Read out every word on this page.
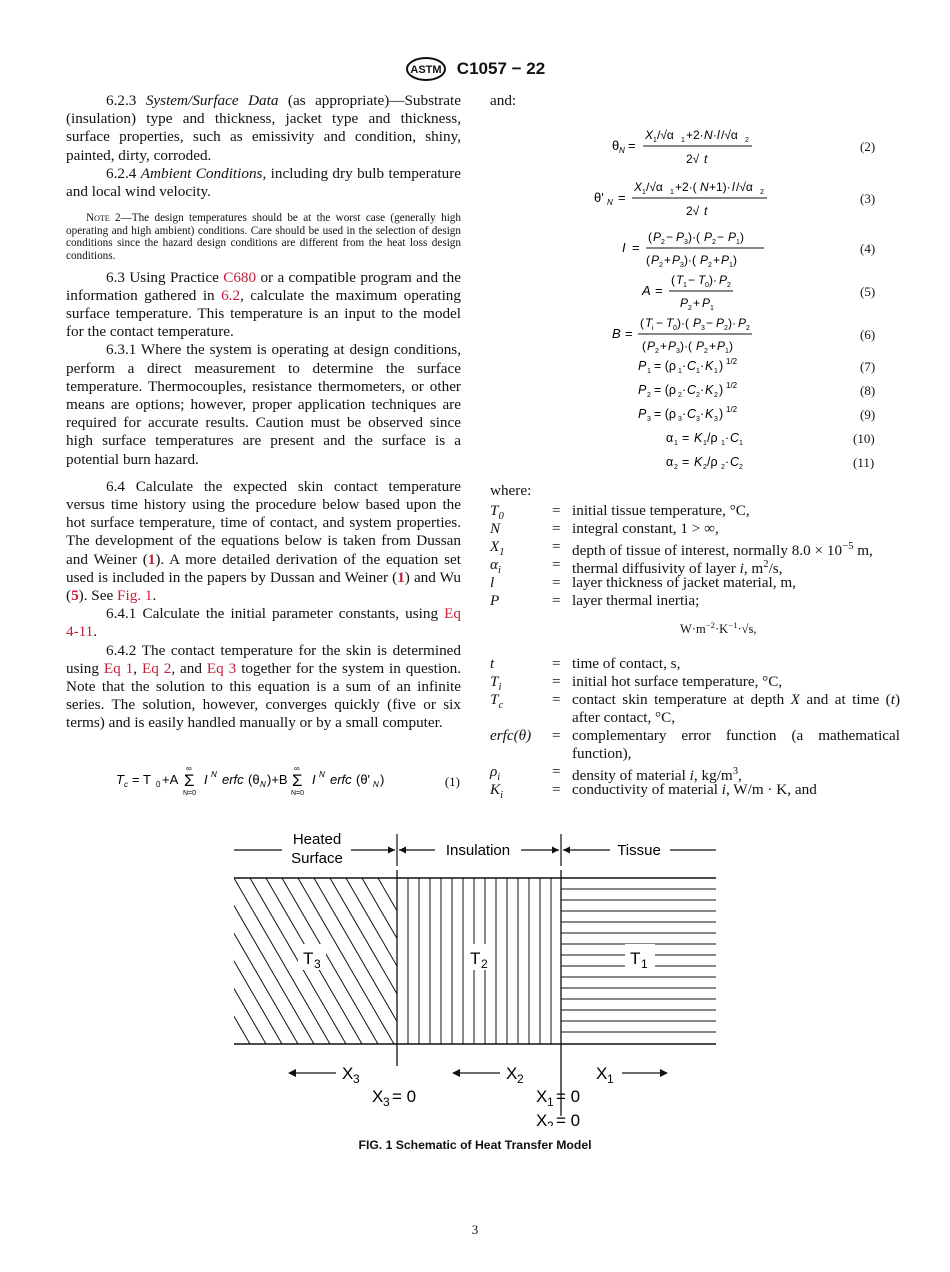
ASTM C1057 − 22

6.2.3 System/Surface Data (as appropriate)—Substrate (insulation) type and thickness, jacket type and thickness, surface properties, such as emissivity and condition, shiny, painted, dirty, corroded.

6.2.4 Ambient Conditions, including dry bulb temperature and local wind velocity.

Note 2—The design temperatures should be at the worst case (generally high operating and high ambient) conditions. Care should be used in the selection of design conditions since the hazard design conditions are different from the heat loss design conditions.

6.3 Using Practice C680 or a compatible program and the information gathered in 6.2, calculate the maximum operating surface temperature. This temperature is an input to the model for the contact temperature.

6.3.1 Where the system is operating at design conditions, perform a direct measurement to determine the surface temperature. Thermocouples, resistance thermometers, or other means are options; however, proper application techniques are required for accurate results. Caution must be observed since high surface temperatures are present and the surface is a potential burn hazard.

6.4 Calculate the expected skin contact temperature versus time history using the procedure below based upon the hot surface temperature, time of contact, and system properties. The development of the equations below is taken from Dussan and Weiner (1). A more detailed derivation of the equation set used is included in the papers by Dussan and Weiner (1) and Wu (5). See Fig. 1.

6.4.1 Calculate the initial parameter constants, using Eq 4-11.

6.4.2 The contact temperature for the skin is determined using Eq 1, Eq 2, and Eq 3 together for the system in question. Note that the solution to this equation is a sum of an infinite series. The solution, however, converges quickly (five or six terms) and is easily handled manually or by a small computer.

T c = T 0 +A
∞
Σ
N=0
I N erfc (θ N )+B
∞
Σ
N=0
I N erfc (θ' N )	(1)
and:
θ N =
X 1 /√α 1 +2· N · l /√α 2
2√ t
θ' N =
X 1 /√α 1 +2·( N +1)· l /√α 2
2√ t
I =
( P 2 − P 3 )·( P 2 − P 1 )
( P 2 + P 3 )·( P 2 + P 1 )
A =
( T 1 − T 0 )· P 2
P 2 + P 1
B =
( T i − T 0 )·( P 3 − P 2 )· P 2
( P 2 + P 3 )·( P 2 + P 1 )
P 1 = (ρ 1 · C 1 · K 1 ) 1/2
P 2 = (ρ 2 · C 2 · K 2 ) 1/2
P 3 = (ρ 3 · C 3 · K 3 ) 1/2
α 1 = K 1 /ρ 1 · C 1
α 2 = K 2 /ρ 2 · C 2
(2)
(3)
(4)
(5)
(6)
(7)
(8)
(9)
(10)
(11)
where:
$T_0$	= initial tissue temperature, °C,
N	= integral constant, 1 > ∞,
$X_1$	= depth of tissue of interest, normally $8.0 \times 10^{-5}$ m,
$\alpha_i$	= thermal diffusivity of layer i, $m^2/s$,
l	= layer thickness of jacket material, m,
P	= layer thermal inertia;
$W\cdot m^{-2}\cdot K^{-1}\cdot√s$,
t	= time of contact, s,
$T_i$	= initial hot surface temperature, °C,
$T_c$	= contact skin temperature at depth X and at time (t) after contact, °C,
erfc(θ) = complementary error function (a mathematical function),
$\rho_i$	= density of material i, $kg/m^3$,
$K_i$	= conductivity of material i, W/m · K, and
Heated
Surface	Insulation	Tissue
T 3	T 2	T 1
X 3	X 2	X 1
X 3 = 0	X 1 = 0
X 2 = 0
FIG. 1 Schematic of Heat Transfer Model
3
